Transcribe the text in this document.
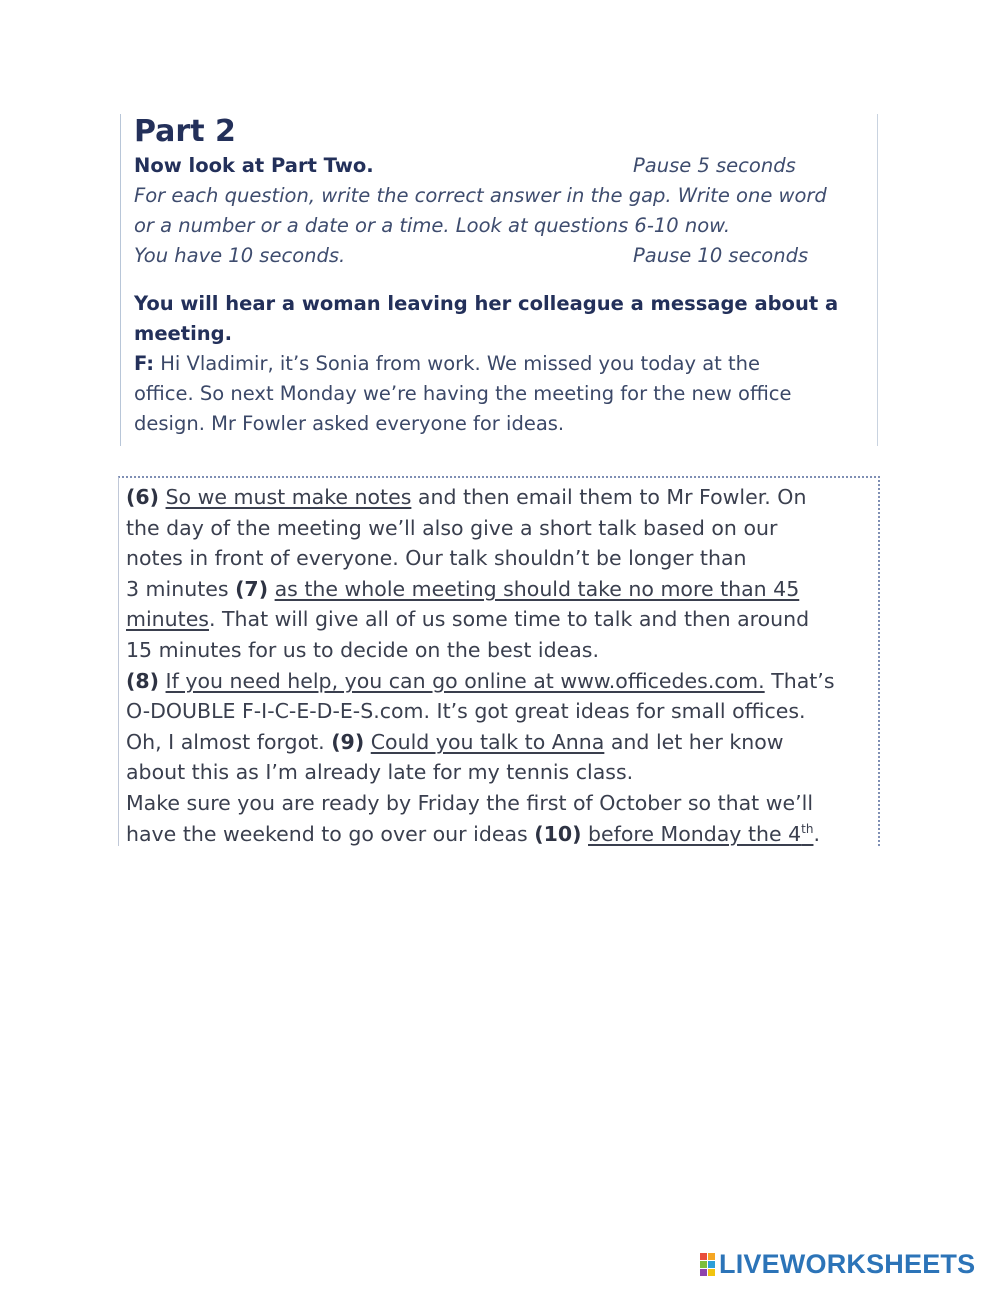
Part 2

Now look at Part Two.	Pause 5 seconds

For each question, write the correct answer in the gap. Write one word

or a number or a date or a time. Look at questions 6-10 now.

You have 10 seconds.	Pause 10 seconds

You will hear a woman leaving her colleague a message about a

meeting.

F: Hi Vladimir, it’s Sonia from work. We missed you today at the

office. So next Monday we’re having the meeting for the new office

design. Mr Fowler asked everyone for ideas.

(6) So we must make notes and then email them to Mr Fowler. On

the day of the meeting we’ll also give a short talk based on our

notes in front of everyone. Our talk shouldn’t be longer than

3 minutes (7) as the whole meeting should take no more than 45

minutes. That will give all of us some time to talk and then around

15 minutes for us to decide on the best ideas.

(8) If you need help, you can go online at www.officedes.com. That’s

O-DOUBLE F-I-C-E-D-E-S.com. It’s got great ideas for small offices.

Oh, I almost forgot. (9) Could you talk to Anna and let her know

about this as I’m already late for my tennis class.

Make sure you are ready by Friday the first of October so that we’ll

have the weekend to go over our ideas (10) before Monday the 4th.

LIVEWORKSHEETS
